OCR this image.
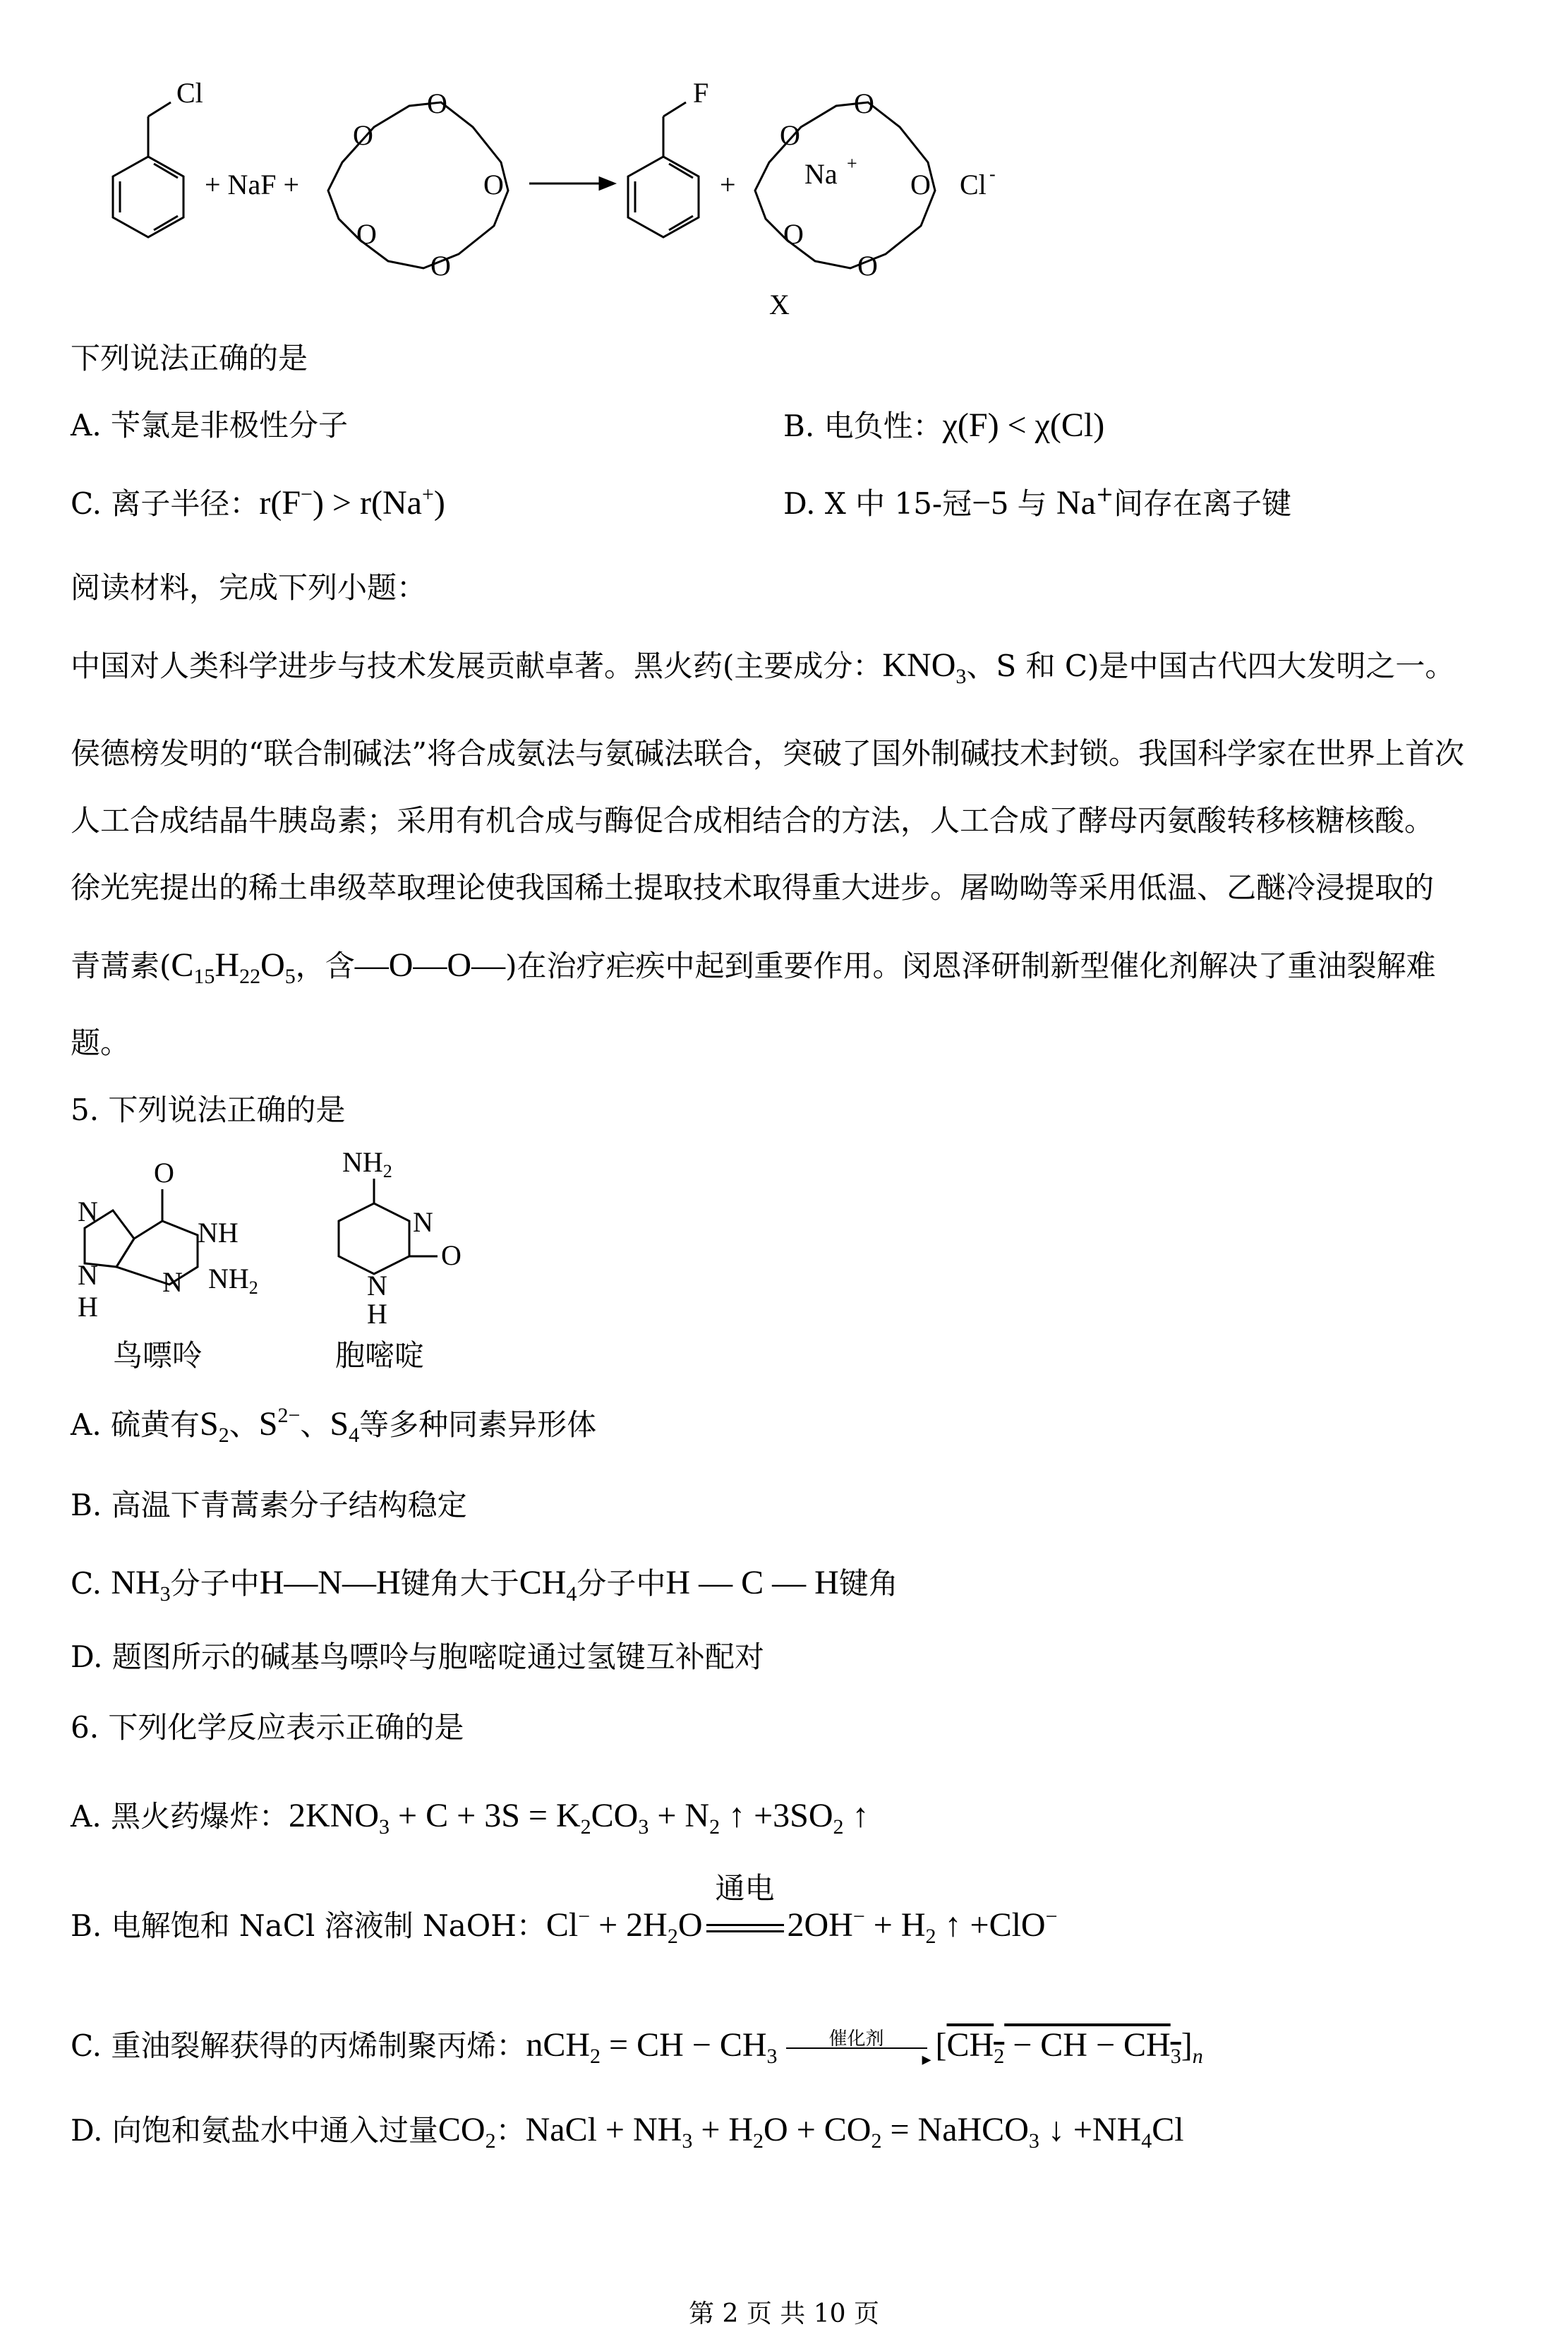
Cl
+ NaF +
F
+
O
O
O
O
O
O
O
O
O
O
Na +
Cl -
X
下列说法正确的是
A. 苄氯是非极性分子	B. 电负性：χ(F) < χ(Cl)
C. 离子半径：r(F−) > r(Na+)	D. X 中 15-冠−5 与 Na+间存在离子键
阅读材料，完成下列小题：
中国对人类科学进步与技术发展贡献卓著。黑火药(主要成分：$KNO_3$、S 和 C)是中国古代四大发明之一。
侯德榜发明的“联合制碱法”将合成氨法与氨碱法联合，突破了国外制碱技术封锁。我国科学家在世界上首次
人工合成结晶牛胰岛素；采用有机合成与酶促合成相结合的方法，人工合成了酵母丙氨酸转移核糖核酸。
徐光宪提出的稀土串级萃取理论使我国稀土提取技术取得重大进步。屠呦呦等采用低温、乙醚冷浸提取的
青蒿素($C_{15}H_{22}O_5$，含—O—O—)在治疗疟疾中起到重要作用。闵恩泽研制新型催化剂解决了重油裂解难
题。
5. 下列说法正确的是
O
N
NH
N
H
N $NH_2$
$NH_2$
N
O
N
H
鸟嘌呤	胞嘧啶
A. 硫黄有$S_2$、$S^{2-}$、$S_4$等多种同素异形体
B. 高温下青蒿素分子结构稳定
C. $NH_3$分子中H—N—H键角大于$CH_4$分子中H — C — H键角
D. 题图所示的碱基鸟嘌呤与胞嘧啶通过氢键互补配对
6. 下列化学反应表示正确的是
A. 黑火药爆炸：$2KNO_3 + C + 3S = K_2CO_3 + N_2$ ↑ $+3SO_2$ ↑
B. 电解饱和 NaCl 溶液制 NaOH：$Cl^- + 2H_2O$
通电
$2OH^- + H_2$ ↑ +ClO−
C. 重油裂解获得的丙烯制聚丙烯：nCH$_2$ = CH − $CH_3$
催化剂
▸ [$CH_2$ − CH − $CH_3]_n$
D. 向饱和氨盐水中通入过量$CO_2$：NaCl + $NH_3 + H_2O + CO_2$ = NaHCO$_3$ ↓ $+NH_4Cl$
第 2 页 共 10 页
